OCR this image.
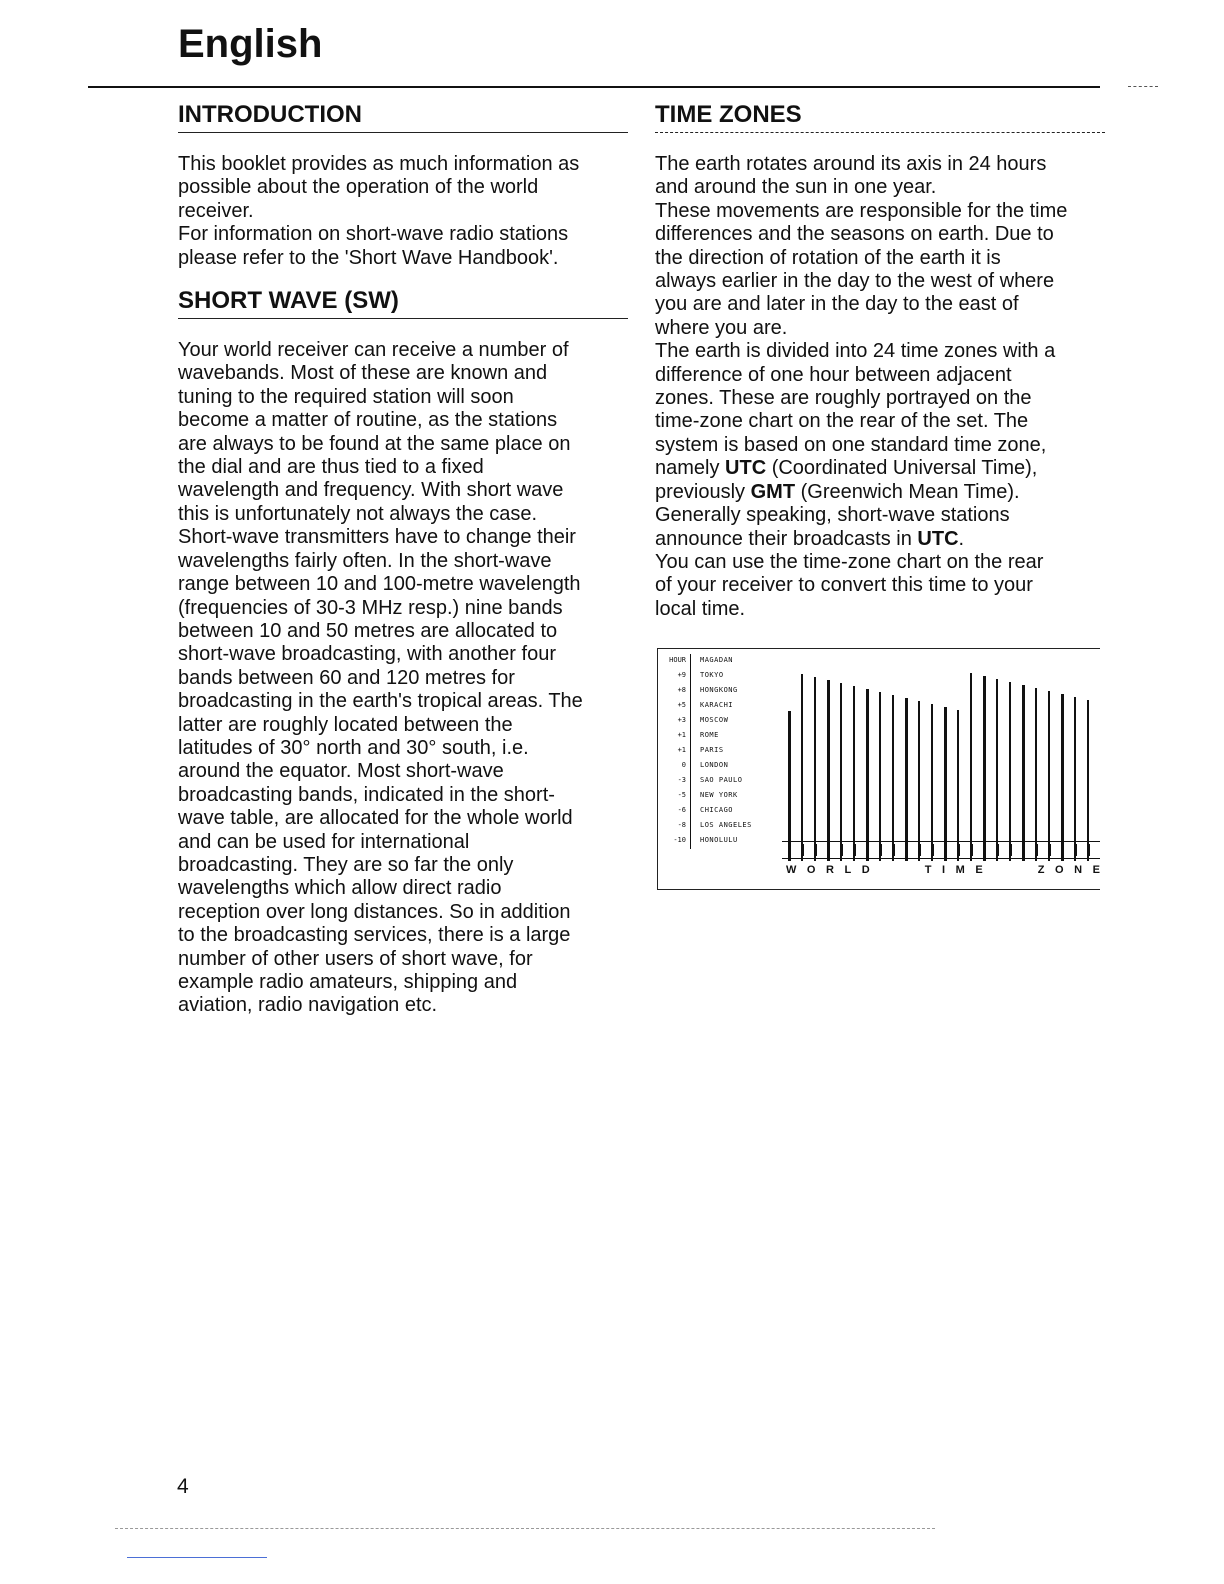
English
INTRODUCTION

This booklet provides as much information as
possible about the operation of the world
receiver.
For information on short-wave radio stations
please refer to the 'Short Wave Handbook'.

SHORT WAVE (SW)

Your world receiver can receive a number of
wavebands. Most of these are known and
tuning to the required station will soon
become a matter of routine, as the stations
are always to be found at the same place on
the dial and are thus tied to a fixed
wavelength and frequency. With short wave
this is unfortunately not always the case.
Short-wave transmitters have to change their
wavelengths fairly often. In the short-wave
range between 10 and 100-metre wavelength
(frequencies of 30-3 MHz resp.) nine bands
between 10 and 50 metres are allocated to
short-wave broadcasting, with another four
bands between 60 and 120 metres for
broadcasting in the earth's tropical areas. The
latter are roughly located between the
latitudes of 30° north and 30° south, i.e.
around the equator. Most short-wave
broadcasting bands, indicated in the short-
wave table, are allocated for the whole world
and can be used for international
broadcasting. They are so far the only
wavelengths which allow direct radio
reception over long distances. So in addition
to the broadcasting services, there is a large
number of other users of short wave, for
example radio amateurs, shipping and
aviation, radio navigation etc.

TIME ZONES

The earth rotates around its axis in 24 hours
and around the sun in one year.
These movements are responsible for the time
differences and the seasons on earth. Due to
the direction of rotation of the earth it is
always earlier in the day to the west of where
you are and later in the day to the east of
where you are.
The earth is divided into 24 time zones with a
difference of one hour between adjacent
zones. These are roughly portrayed on the
time-zone chart on the rear of the set. The
system is based on one standard time zone,
namely UTC (Coordinated Universal Time),
previously GMT (Greenwich Mean Time).
Generally speaking, short-wave stations
announce their broadcasts in UTC.
You can use the time-zone chart on the rear
of your receiver to convert this time to your
local time.

HOUR MAGADAN
+9 TOKYO
+8 HONGKONG
+5 KARACHI
+3 MOSCOW
+1 ROME
+1 PARIS
0 LONDON
-3 SAO PAULO
-5 NEW YORK
-6 CHICAGO
-8 LOS ANGELES
-10 HONOLULU
W O R L D	T I M E	Z O N E
4
